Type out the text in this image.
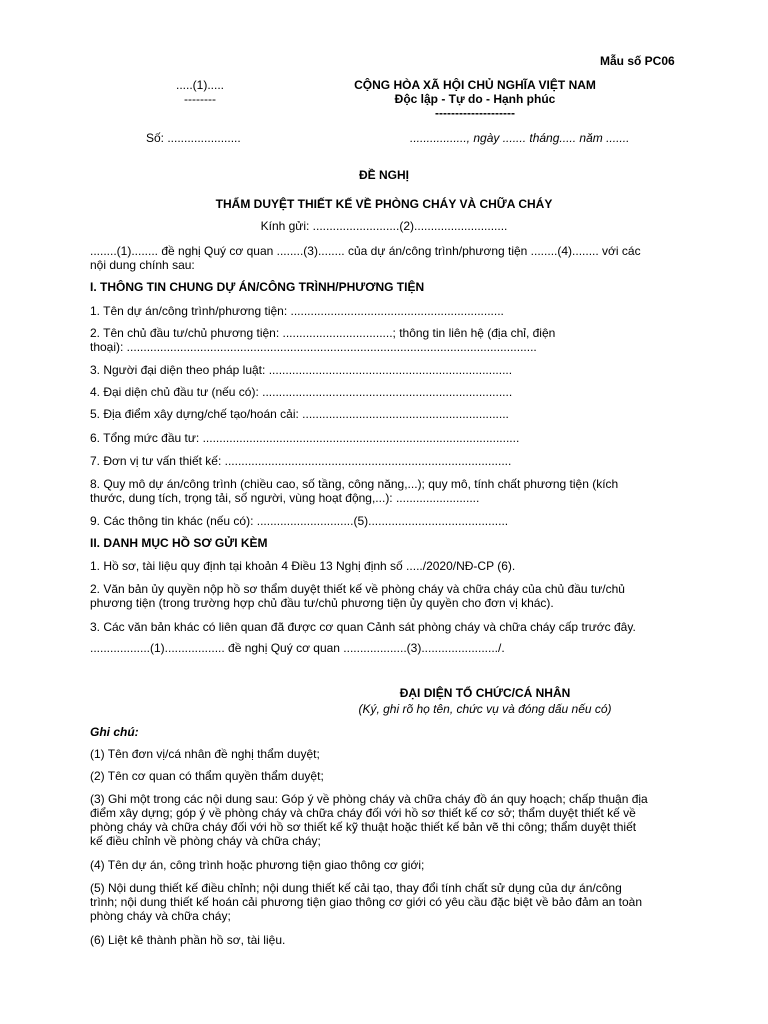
Mẫu số PC06
.....(1).....
--------
CỘNG HÒA XÃ HỘI CHỦ NGHĨA VIỆT NAM
Độc lập - Tự do - Hạnh phúc
--------------------
Số: ......................	................., ngày ....... tháng..... năm .......
ĐỀ NGHỊ
THẨM DUYỆT THIẾT KẾ VỀ PHÒNG CHÁY VÀ CHỮA CHÁY
Kính gửi: ..........................(2)............................
........(1)........ đề nghị Quý cơ quan ........(3)........ của dự án/công trình/phương tiện ........(4)........ với các
nội dung chính sau:
I. THÔNG TIN CHUNG DỰ ÁN/CÔNG TRÌNH/PHƯƠNG TIỆN
1. Tên dự án/công trình/phương tiện: ................................................................
2. Tên chủ đầu tư/chủ phương tiện: .................................; thông tin liên hệ (địa chỉ, điện
thoại): ...........................................................................................................................
3. Người đại diện theo pháp luật: .........................................................................
4. Đại diện chủ đầu tư (nếu có): ...........................................................................
5. Địa điểm xây dựng/chế tạo/hoán cải: ..............................................................
6. Tổng mức đầu tư: ...............................................................................................
7. Đơn vị tư vấn thiết kế: ......................................................................................
8. Quy mô dự án/công trình (chiều cao, số tầng, công năng,...); quy mô, tính chất phương tiện (kích
thước, dung tích, trọng tải, số người, vùng hoạt động,...): .........................
9. Các thông tin khác (nếu có): .............................(5)..........................................
II. DANH MỤC HỒ SƠ GỬI KÈM
1. Hồ sơ, tài liệu quy định tại khoản 4 Điều 13 Nghị định số ...../2020/NĐ-CP (6).
2. Văn bản ủy quyền nộp hồ sơ thẩm duyệt thiết kế về phòng cháy và chữa cháy của chủ đầu tư/chủ
phương tiện (trong trường hợp chủ đầu tư/chủ phương tiện ủy quyền cho đơn vị khác).
3. Các văn bản khác có liên quan đã được cơ quan Cảnh sát phòng cháy và chữa cháy cấp trước đây.
..................(1).................. đề nghị Quý cơ quan ...................(3)......................./.
ĐẠI DIỆN TỔ CHỨC/CÁ NHÂN
(Ký, ghi rõ họ tên, chức vụ và đóng dấu nếu có)
Ghi chú:
(1) Tên đơn vị/cá nhân đề nghị thẩm duyệt;
(2) Tên cơ quan có thẩm quyền thẩm duyệt;
(3) Ghi một trong các nội dung sau: Góp ý về phòng cháy và chữa cháy đồ án quy hoạch; chấp thuận địa
điểm xây dựng; góp ý về phòng cháy và chữa cháy đối với hồ sơ thiết kế cơ sở; thẩm duyệt thiết kế về
phòng cháy và chữa cháy đối với hồ sơ thiết kế kỹ thuật hoặc thiết kế bản vẽ thi công; thẩm duyệt thiết
kế điều chỉnh về phòng cháy và chữa cháy;
(4) Tên dự án, công trình hoặc phương tiện giao thông cơ giới;
(5) Nội dung thiết kế điều chỉnh; nội dung thiết kế cải tạo, thay đổi tính chất sử dụng của dự án/công
trình; nội dung thiết kế hoán cải phương tiện giao thông cơ giới có yêu cầu đặc biệt về bảo đảm an toàn
phòng cháy và chữa cháy;
(6) Liệt kê thành phần hồ sơ, tài liệu.
